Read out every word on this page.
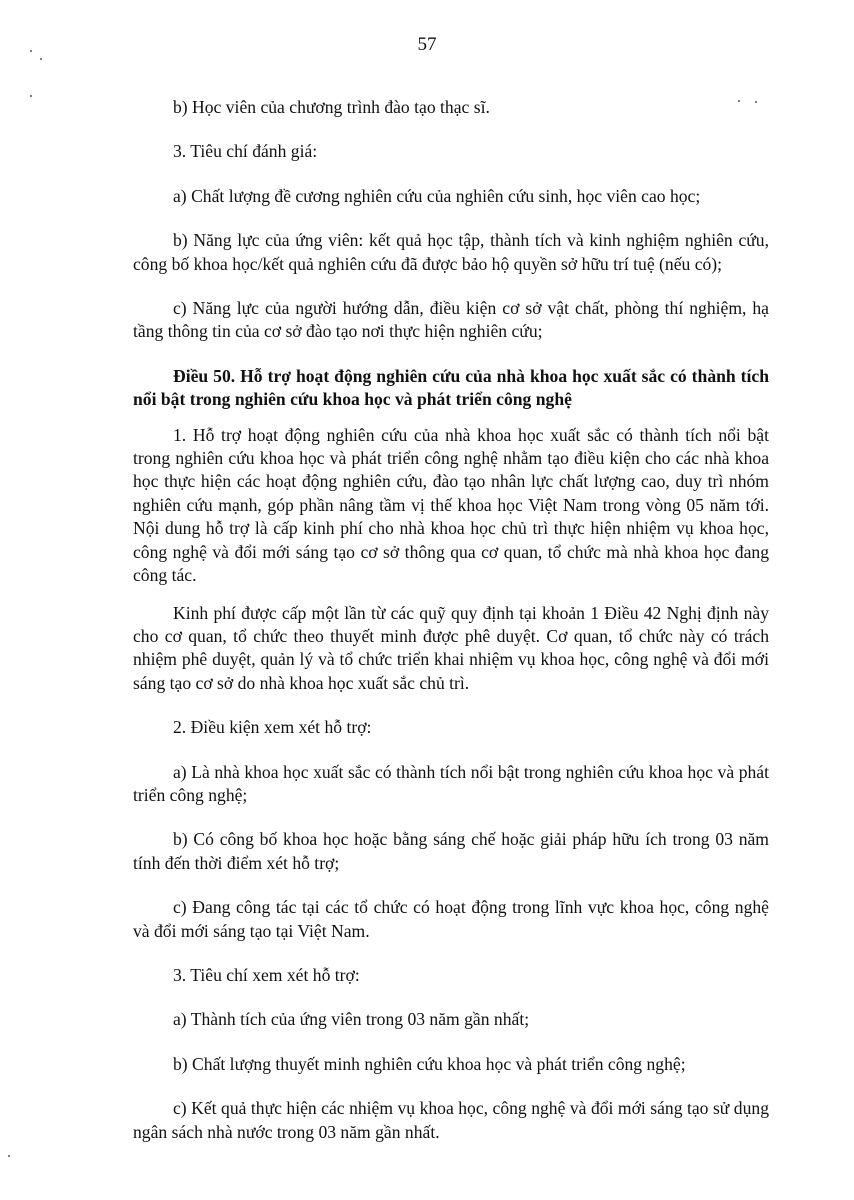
57

b) Học viên của chương trình đào tạo thạc sĩ.

3. Tiêu chí đánh giá:

a) Chất lượng đề cương nghiên cứu của nghiên cứu sinh, học viên cao học;

b) Năng lực của ứng viên: kết quả học tập, thành tích và kinh nghiệm nghiên cứu, công bố khoa học/kết quả nghiên cứu đã được bảo hộ quyền sở hữu trí tuệ (nếu có);

c) Năng lực của người hướng dẫn, điều kiện cơ sở vật chất, phòng thí nghiệm, hạ tầng thông tin của cơ sở đào tạo nơi thực hiện nghiên cứu;

Điều 50. Hỗ trợ hoạt động nghiên cứu của nhà khoa học xuất sắc có thành tích nổi bật trong nghiên cứu khoa học và phát triển công nghệ

1. Hỗ trợ hoạt động nghiên cứu của nhà khoa học xuất sắc có thành tích nổi bật trong nghiên cứu khoa học và phát triển công nghệ nhằm tạo điều kiện cho các nhà khoa học thực hiện các hoạt động nghiên cứu, đào tạo nhân lực chất lượng cao, duy trì nhóm nghiên cứu mạnh, góp phần nâng tầm vị thế khoa học Việt Nam trong vòng 05 năm tới. Nội dung hỗ trợ là cấp kinh phí cho nhà khoa học chủ trì thực hiện nhiệm vụ khoa học, công nghệ và đổi mới sáng tạo cơ sở thông qua cơ quan, tổ chức mà nhà khoa học đang công tác.

Kinh phí được cấp một lần từ các quỹ quy định tại khoản 1 Điều 42 Nghị định này cho cơ quan, tổ chức theo thuyết minh được phê duyệt. Cơ quan, tổ chức này có trách nhiệm phê duyệt, quản lý và tổ chức triển khai nhiệm vụ khoa học, công nghệ và đổi mới sáng tạo cơ sở do nhà khoa học xuất sắc chủ trì.

2. Điều kiện xem xét hỗ trợ:

a) Là nhà khoa học xuất sắc có thành tích nổi bật trong nghiên cứu khoa học và phát triển công nghệ;

b) Có công bố khoa học hoặc bằng sáng chế hoặc giải pháp hữu ích trong 03 năm tính đến thời điểm xét hỗ trợ;

c) Đang công tác tại các tổ chức có hoạt động trong lĩnh vực khoa học, công nghệ và đổi mới sáng tạo tại Việt Nam.

3. Tiêu chí xem xét hỗ trợ:

a) Thành tích của ứng viên trong 03 năm gần nhất;

b) Chất lượng thuyết minh nghiên cứu khoa học và phát triển công nghệ;

c) Kết quả thực hiện các nhiệm vụ khoa học, công nghệ và đổi mới sáng tạo sử dụng ngân sách nhà nước trong 03 năm gần nhất.
